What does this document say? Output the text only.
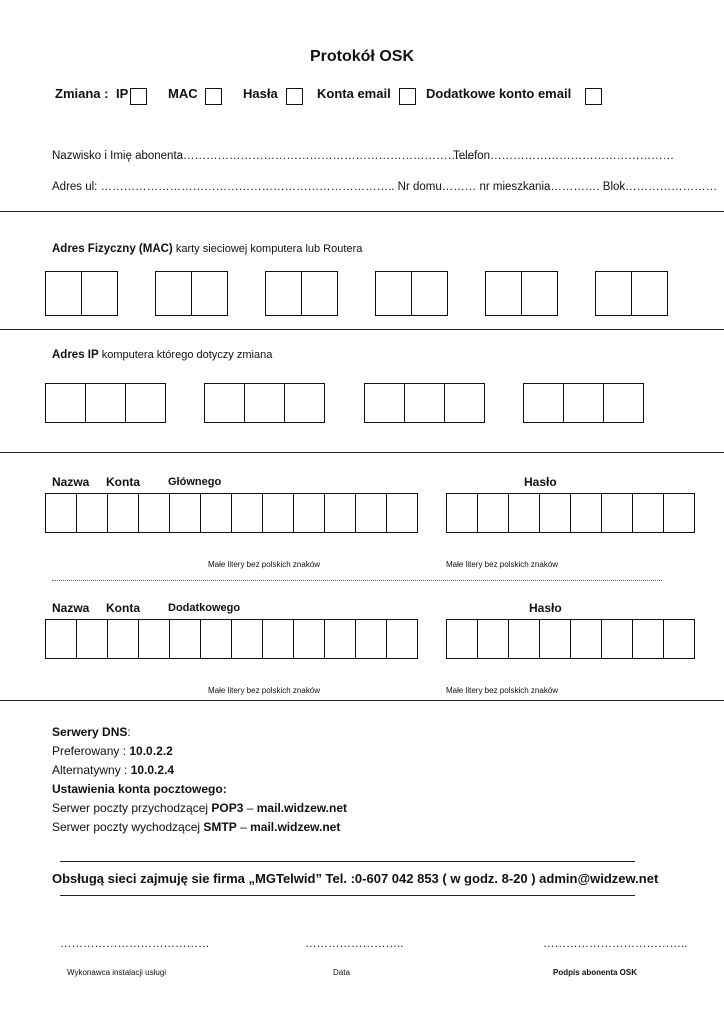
Protokół OSK
Zmiana : IP	MAC	Hasła	Konta email	Dodatkowe konto email
Nazwisko i Imię abonenta…………………………………………………………………..
Telefon…………………………………………
Adres ul: ………………………………………………………………….. Nr domu……… nr mieszkania…………. Blok……………………
Adres Fizyczny (MAC) karty sieciowej komputera lub Routera
Adres IP komputera którego dotyczy zmiana
Nazwa Konta	Głównego	Hasło
Małe litery bez polskich znaków	Małe litery bez polskich znaków
Nazwa Konta	Dodatkowego	Hasło
Małe litery bez polskich znaków	Małe litery bez polskich znaków
Serwery DNS:
Preferowany : 10.0.2.2
Alternatywny : 10.0.2.4
Ustawienia konta pocztowego:
Serwer poczty przychodzącej POP3 – mail.widzew.net
Serwer poczty wychodzącej SMTP – mail.widzew.net
Obsługą sieci zajmuję sie firma „MGTelwid” Tel. :0-607 042 853 ( w godz. 8-20 ) admin@widzew.net
…………………………………	……………………..	………………………………..
Wykonawca instalacji usługi	Data	Podpis abonenta OSK
